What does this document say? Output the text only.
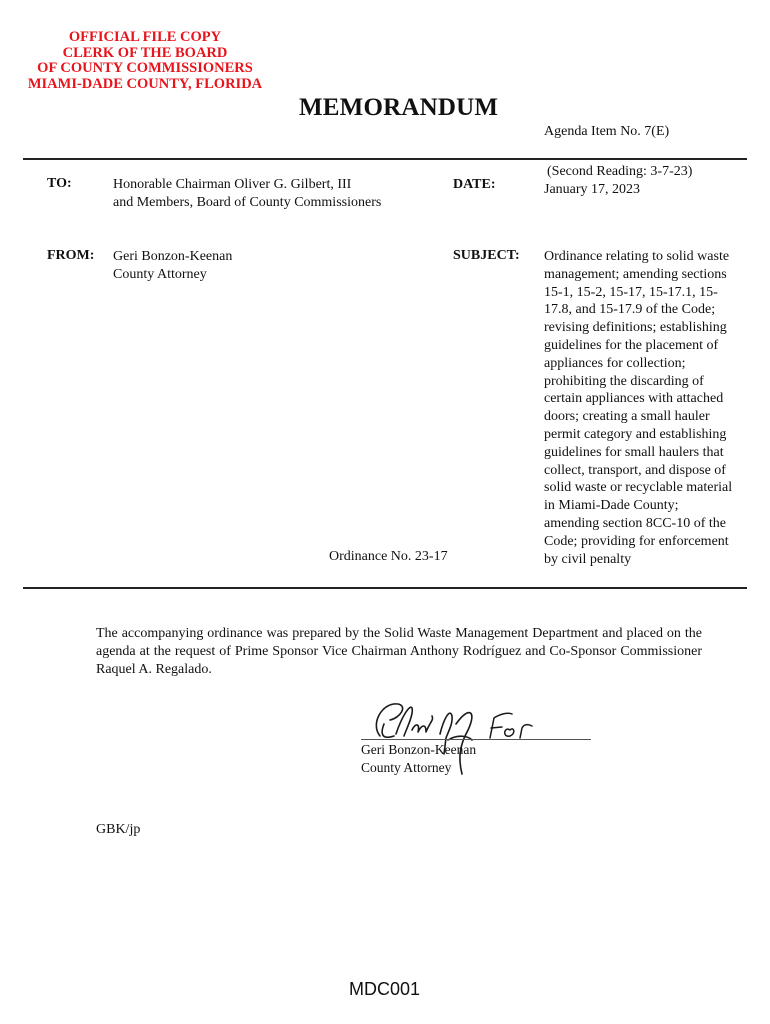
OFFICIAL FILE COPY
CLERK OF THE BOARD
OF COUNTY COMMISSIONERS
MIAMI-DADE COUNTY, FLORIDA
MEMORANDUM
Agenda Item No. 7(E)
TO:	Honorable Chairman Oliver G. Gilbert, III
and Members, Board of County Commissioners
DATE:
(Second Reading: 3-7-23)
January 17, 2023
FROM: Geri Bonzon-Keenan
County Attorney
SUBJECT: Ordinance relating to solid waste
management; amending sections
15-1, 15-2, 15-17, 15-17.1, 15-
17.8, and 15-17.9 of the Code;
revising definitions; establishing
guidelines for the placement of
appliances for collection;
prohibiting the discarding of
certain appliances with attached
doors; creating a small hauler
permit category and establishing
guidelines for small haulers that
collect, transport, and dispose of
solid waste or recyclable material
in Miami-Dade County;
amending section 8CC-10 of the
Code; providing for enforcement
by civil penalty
Ordinance No. 23-17
The accompanying ordinance was prepared by the Solid Waste Management Department and placed on the agenda at the request of Prime Sponsor Vice Chairman Anthony Rodríguez and Co-Sponsor Commissioner Raquel A. Regalado.
Geri Bonzon-Keenan
County Attorney
GBK/jp
MDC001
